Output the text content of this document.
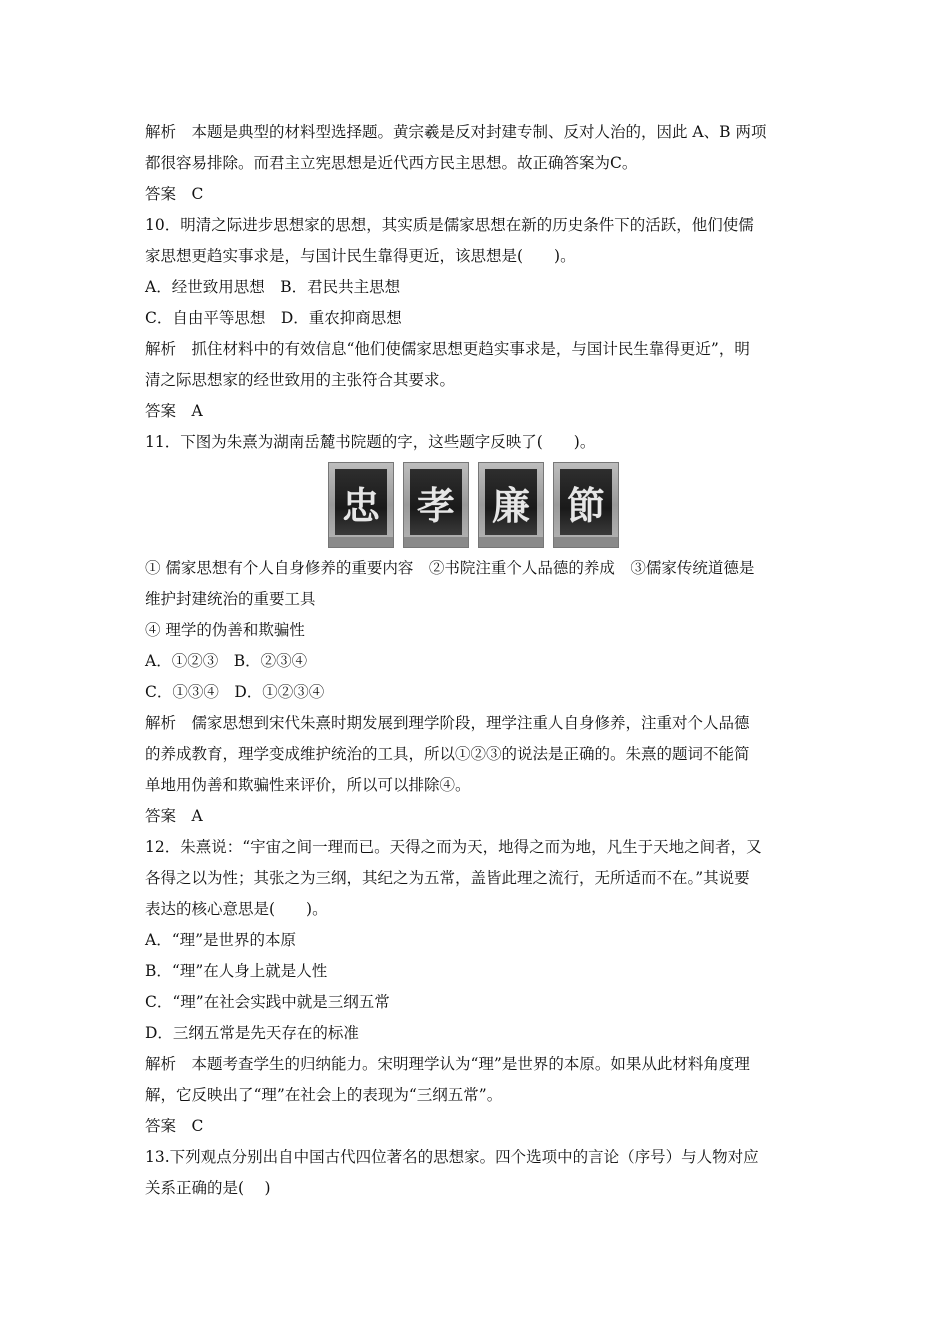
解析　本题是典型的材料型选择题。黄宗羲是反对封建专制、反对人治的，因此 A、B 两项
都很容易排除。而君主立宪思想是近代西方民主思想。故正确答案为C。
答案　C
10．明清之际进步思想家的思想，其实质是儒家思想在新的历史条件下的活跃，他们使儒
家思想更趋实事求是，与国计民生靠得更近，该思想是(　　)。
A．经世致用思想　B．君民共主思想
C．自由平等思想　D．重农抑商思想
解析　抓住材料中的有效信息“他们使儒家思想更趋实事求是，与国计民生靠得更近”，明
清之际思想家的经世致用的主张符合其要求。
答案　A
11．下图为朱熹为湖南岳麓书院题的字，这些题字反映了(　　)。
忠 孝 廉 節
① 儒家思想有个人自身修养的重要内容　②书院注重个人品德的养成　③儒家传统道德是
维护封建统治的重要工具
④ 理学的伪善和欺骗性
A．①②③　B．②③④
C．①③④　D．①②③④
解析　儒家思想到宋代朱熹时期发展到理学阶段，理学注重人自身修养，注重对个人品德
的养成教育，理学变成维护统治的工具，所以①②③的说法是正确的。朱熹的题词不能简
单地用伪善和欺骗性来评价，所以可以排除④。
答案　A
12．朱熹说：“宇宙之间一理而已。天得之而为天，地得之而为地，凡生于天地之间者，又
各得之以为性；其张之为三纲，其纪之为五常，盖皆此理之流行，无所适而不在。”其说要
表达的核心意思是(　　)。
A．“理”是世界的本原
B．“理”在人身上就是人性
C．“理”在社会实践中就是三纲五常
D．三纲五常是先天存在的标准
解析　本题考查学生的归纳能力。宋明理学认为“理”是世界的本原。如果从此材料角度理
解，它反映出了“理”在社会上的表现为“三纲五常”。
答案　C
13.下列观点分别出自中国古代四位著名的思想家。四个选项中的言论（序号）与人物对应
关系正确的是(　 )
